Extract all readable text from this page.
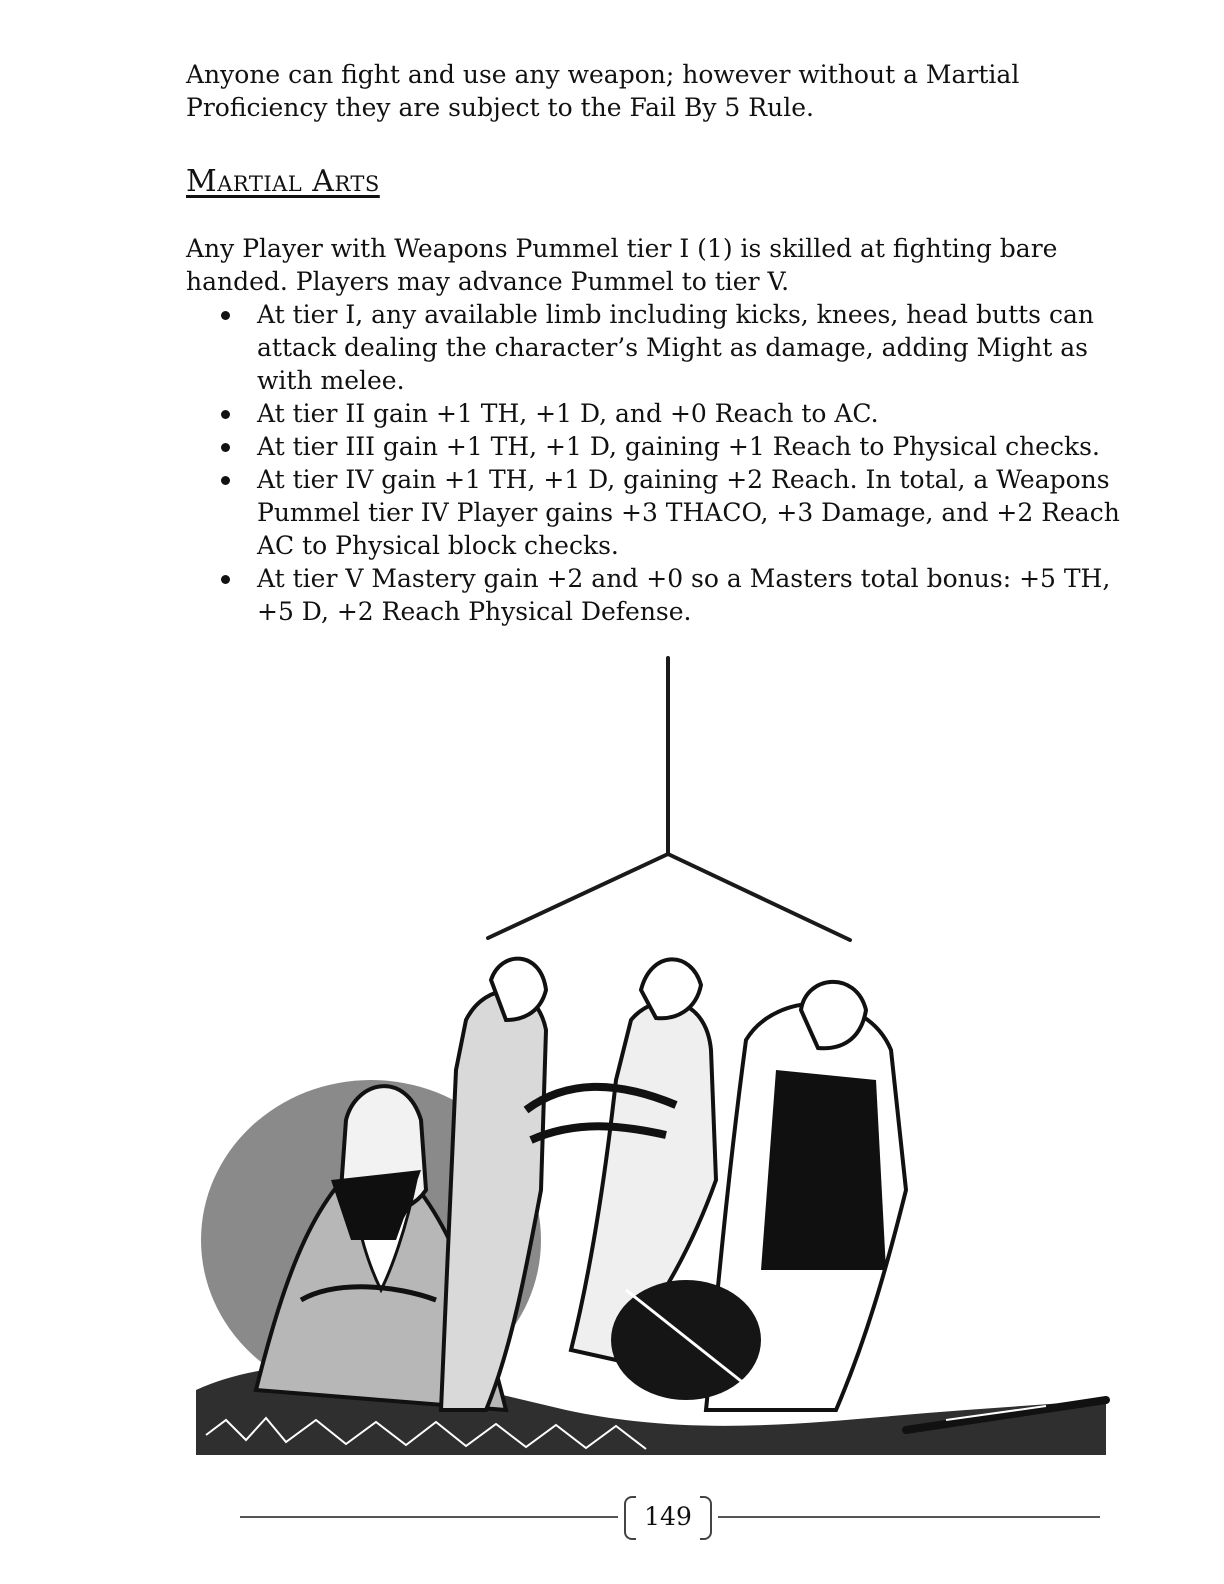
Anyone can fight and use any weapon; however without a Martial Proficiency they are subject to the Fail By 5 Rule.

Martial Arts

Any Player with Weapons Pummel tier I (1) is skilled at fighting bare handed. Players may advance Pummel to tier V.

At tier I, any available limb including kicks, knees, head butts can attack dealing the character’s Might as damage, adding Might as with melee.
At tier II gain +1 TH, +1 D, and +0 Reach to AC.
At tier III gain +1 TH, +1 D, gaining +1 Reach to Physical checks.
At tier IV gain +1 TH, +1 D, gaining +2 Reach. In total, a Weapons Pummel tier IV Player gains +3 THACO, +3 Damage, and +2 Reach AC to Physical block checks.
At tier V Mastery gain +2 and +0 so a Masters total bonus: +5 TH, +5 D, +2 Reach Physical Defense.
149
